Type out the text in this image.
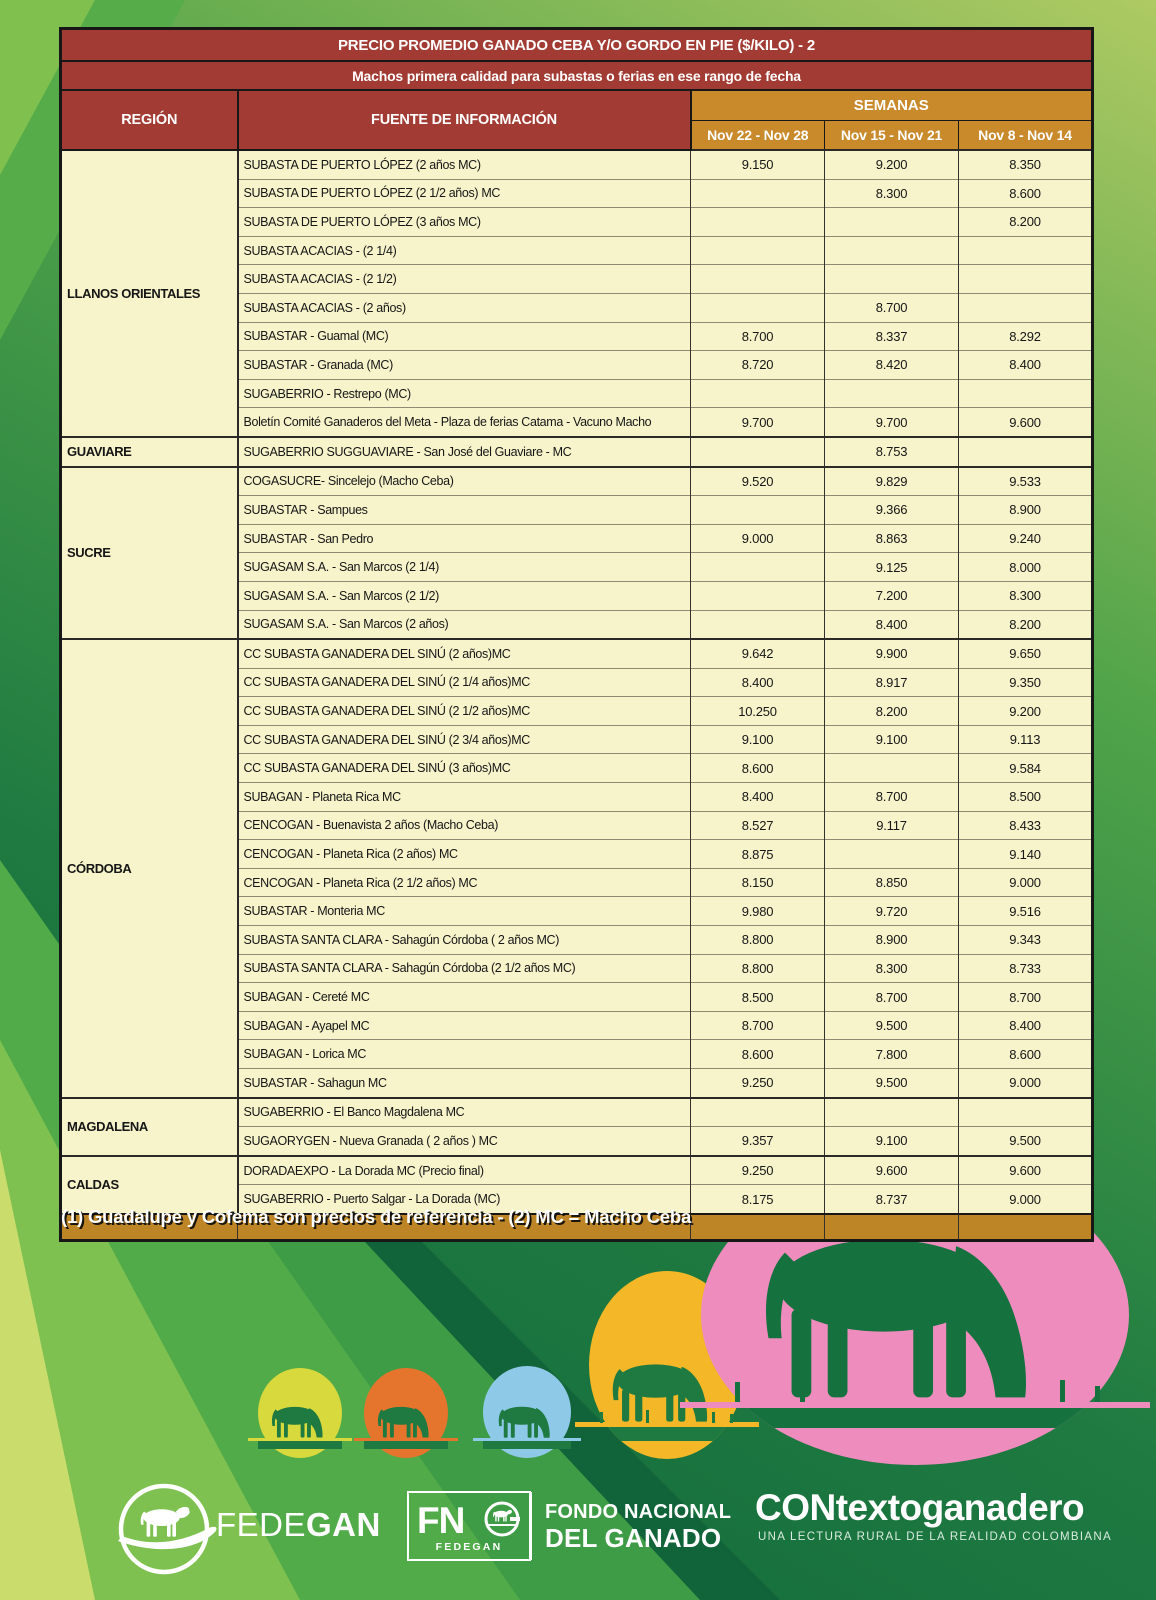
PRECIO PROMEDIO GANADO CEBA Y/O GORDO EN PIE ($/KILO) - 2				
Machos primera calidad para subastas o ferias en ese rango de fecha				
REGIÓN	FUENTE DE INFORMACIÓN	SEMANAS		
		Nov 22 - Nov 28	Nov 15 - Nov 21	Nov 8 - Nov 14
LLANOS ORIENTALES	SUBASTA DE PUERTO LÓPEZ (2 años MC)	9.150	9.200	8.350
	SUBASTA DE PUERTO LÓPEZ (2 1/2 años) MC		8.300	8.600
	SUBASTA DE PUERTO LÓPEZ (3 años MC)			8.200
	SUBASTA ACACIAS - (2 1/4)			
	SUBASTA ACACIAS - (2 1/2)			
	SUBASTA ACACIAS - (2 años)		8.700	
	SUBASTAR - Guamal (MC)	8.700	8.337	8.292
	SUBASTAR - Granada (MC)	8.720	8.420	8.400
	SUGABERRIO - Restrepo (MC)			
	Boletín Comité Ganaderos del Meta - Plaza de ferias Catama - Vacuno Macho	9.700	9.700	9.600
GUAVIARE	SUGABERRIO SUGGUAVIARE - San José del Guaviare - MC		8.753	
SUCRE	COGASUCRE- Sincelejo (Macho Ceba)	9.520	9.829	9.533
	SUBASTAR - Sampues		9.366	8.900
	SUBASTAR - San Pedro	9.000	8.863	9.240
	SUGASAM S.A. - San Marcos (2 1/4)		9.125	8.000
	SUGASAM S.A. - San Marcos (2 1/2)		7.200	8.300
	SUGASAM S.A. - San Marcos (2 años)		8.400	8.200
CÓRDOBA	CC SUBASTA GANADERA DEL SINÚ (2 años)MC	9.642	9.900	9.650
	CC SUBASTA GANADERA DEL SINÚ (2 1/4 años)MC	8.400	8.917	9.350
	CC SUBASTA GANADERA DEL SINÚ (2 1/2 años)MC	10.250	8.200	9.200
	CC SUBASTA GANADERA DEL SINÚ (2 3/4 años)MC	9.100	9.100	9.113
	CC SUBASTA GANADERA DEL SINÚ (3 años)MC	8.600		9.584
	SUBAGAN - Planeta Rica MC	8.400	8.700	8.500
	CENCOGAN - Buenavista 2 años (Macho Ceba)	8.527	9.117	8.433
	CENCOGAN - Planeta Rica (2 años) MC	8.875		9.140
	CENCOGAN - Planeta Rica (2 1/2 años) MC	8.150	8.850	9.000
	SUBASTAR - Monteria MC	9.980	9.720	9.516
	SUBASTA SANTA CLARA - Sahagún Córdoba ( 2 años MC)	8.800	8.900	9.343
	SUBASTA SANTA CLARA - Sahagún Córdoba (2 1/2 años MC)	8.800	8.300	8.733
	SUBAGAN - Cereté MC	8.500	8.700	8.700
	SUBAGAN - Ayapel MC	8.700	9.500	8.400
	SUBAGAN - Lorica MC	8.600	7.800	8.600
	SUBASTAR - Sahagun MC	9.250	9.500	9.000
MAGDALENA	SUGABERRIO - El Banco Magdalena MC			
	SUGAORYGEN - Nueva Granada ( 2 años ) MC	9.357	9.100	9.500
CALDAS	DORADAEXPO - La Dorada MC (Precio final)	9.250	9.600	9.600
	SUGABERRIO - Puerto Salgar - La Dorada (MC)	8.175	8.737	9.000

(1) Guadalupe y Cofema son precios de referencia - (2) MC = Macho Ceba
FEDEGAN FN
FEDEGAN
FONDO NACIONAL
DEL GANADO
CONtextoganadero
UNA LECTURA RURAL DE LA REALIDAD COLOMBIANA
